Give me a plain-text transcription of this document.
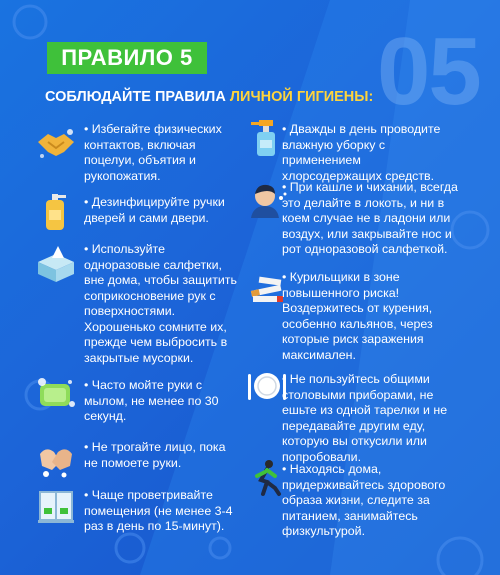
ПРАВИЛО 5 05
СОБЛЮДАЙТЕ ПРАВИЛА ЛИЧНОЙ ГИГИЕНЫ:
• Избегайте физических контактов, включая поцелуи, объятия и рукопожатия.
• Дезинфицируйте ручки дверей и сами двери.
• Используйте одноразовые салфетки, вне дома, чтобы защитить соприкосновение рук с поверхностями. Хорошенько сомните их, прежде чем выбросить в закрытые мусорки.
• Часто мойте руки с мылом, не менее по 30 секунд.
• Не трогайте лицо, пока не помоете руки.
• Чаще проветривайте помещения (не менее 3-4 раз в день по 15-минут).
• Дважды в день проводите влажную уборку с применением хлорсодержащих средств.
• При кашле и чихании, всегда это делайте в локоть, и ни в коем случае не в ладони или воздух, или закрывайте нос и рот одноразовой салфеткой.
• Курильщики в зоне повышенного риска! Воздержитесь от курения, особенно кальянов, через которые риск заражения максимален.
• Не пользуйтесь общими столовыми приборами, не ешьте из одной тарелки и не передавайте другим еду, которую вы откусили или попробовали.
• Находясь дома, придерживайтесь здорового образа жизни, следите за питанием, занимайтесь физкультурой.
